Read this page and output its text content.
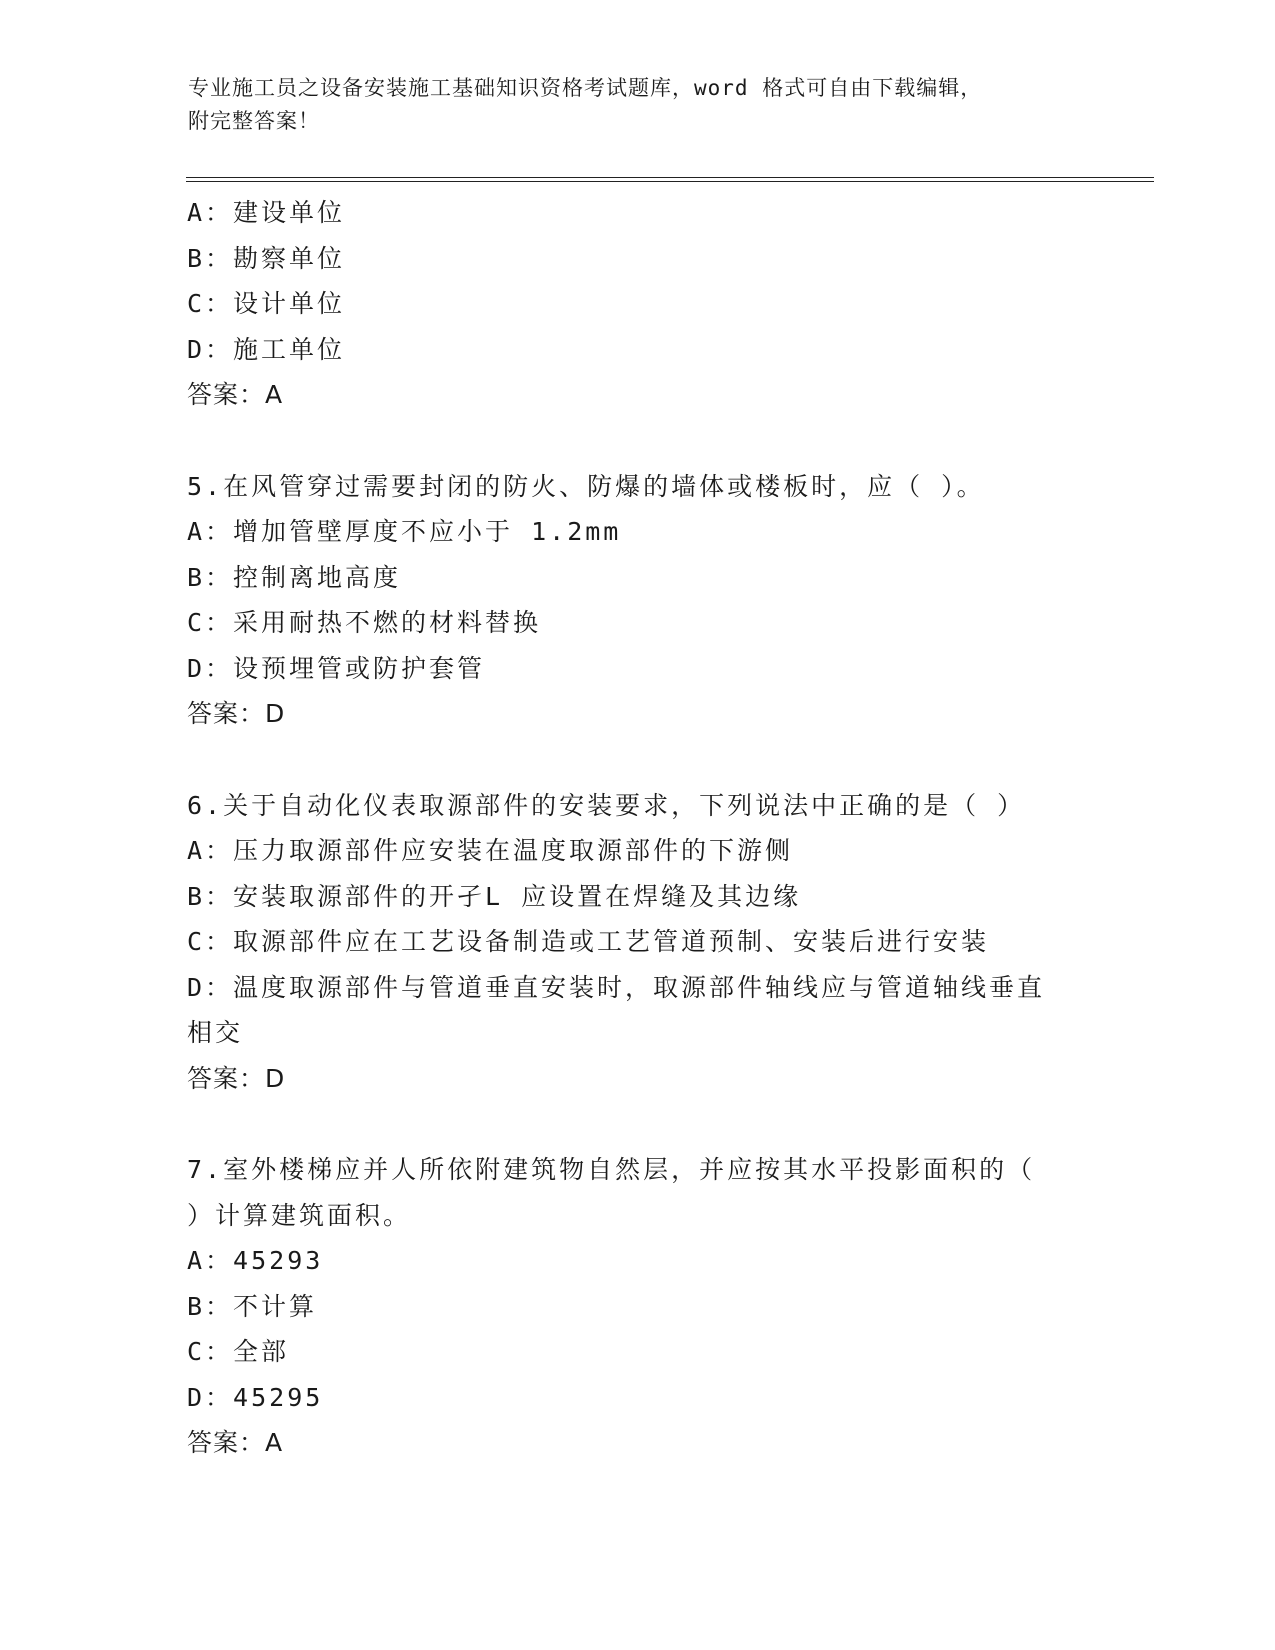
专业施工员之设备安装施工基础知识资格考试题库，word 格式可自由下载编辑，
附完整答案！
A：建设单位
B：勘察单位
C：设计单位
D：施工单位
答案：A
5.在风管穿过需要封闭的防火、防爆的墙体或楼板时，应（ ）。
A：增加管壁厚度不应小于 1.2mm
B：控制离地高度
C：采用耐热不燃的材料替换
D：设预埋管或防护套管
答案：D
6.关于自动化仪表取源部件的安装要求，下列说法中正确的是（ ）
A：压力取源部件应安装在温度取源部件的下游侧
B：安装取源部件的开孑L 应设置在焊缝及其边缘
C：取源部件应在工艺设备制造或工艺管道预制、安装后进行安装
D：温度取源部件与管道垂直安装时，取源部件轴线应与管道轴线垂直
相交
答案：D
7.室外楼梯应并人所依附建筑物自然层，并应按其水平投影面积的（
）计算建筑面积。
A：45293
B：不计算
C：全部
D：45295
答案：A
